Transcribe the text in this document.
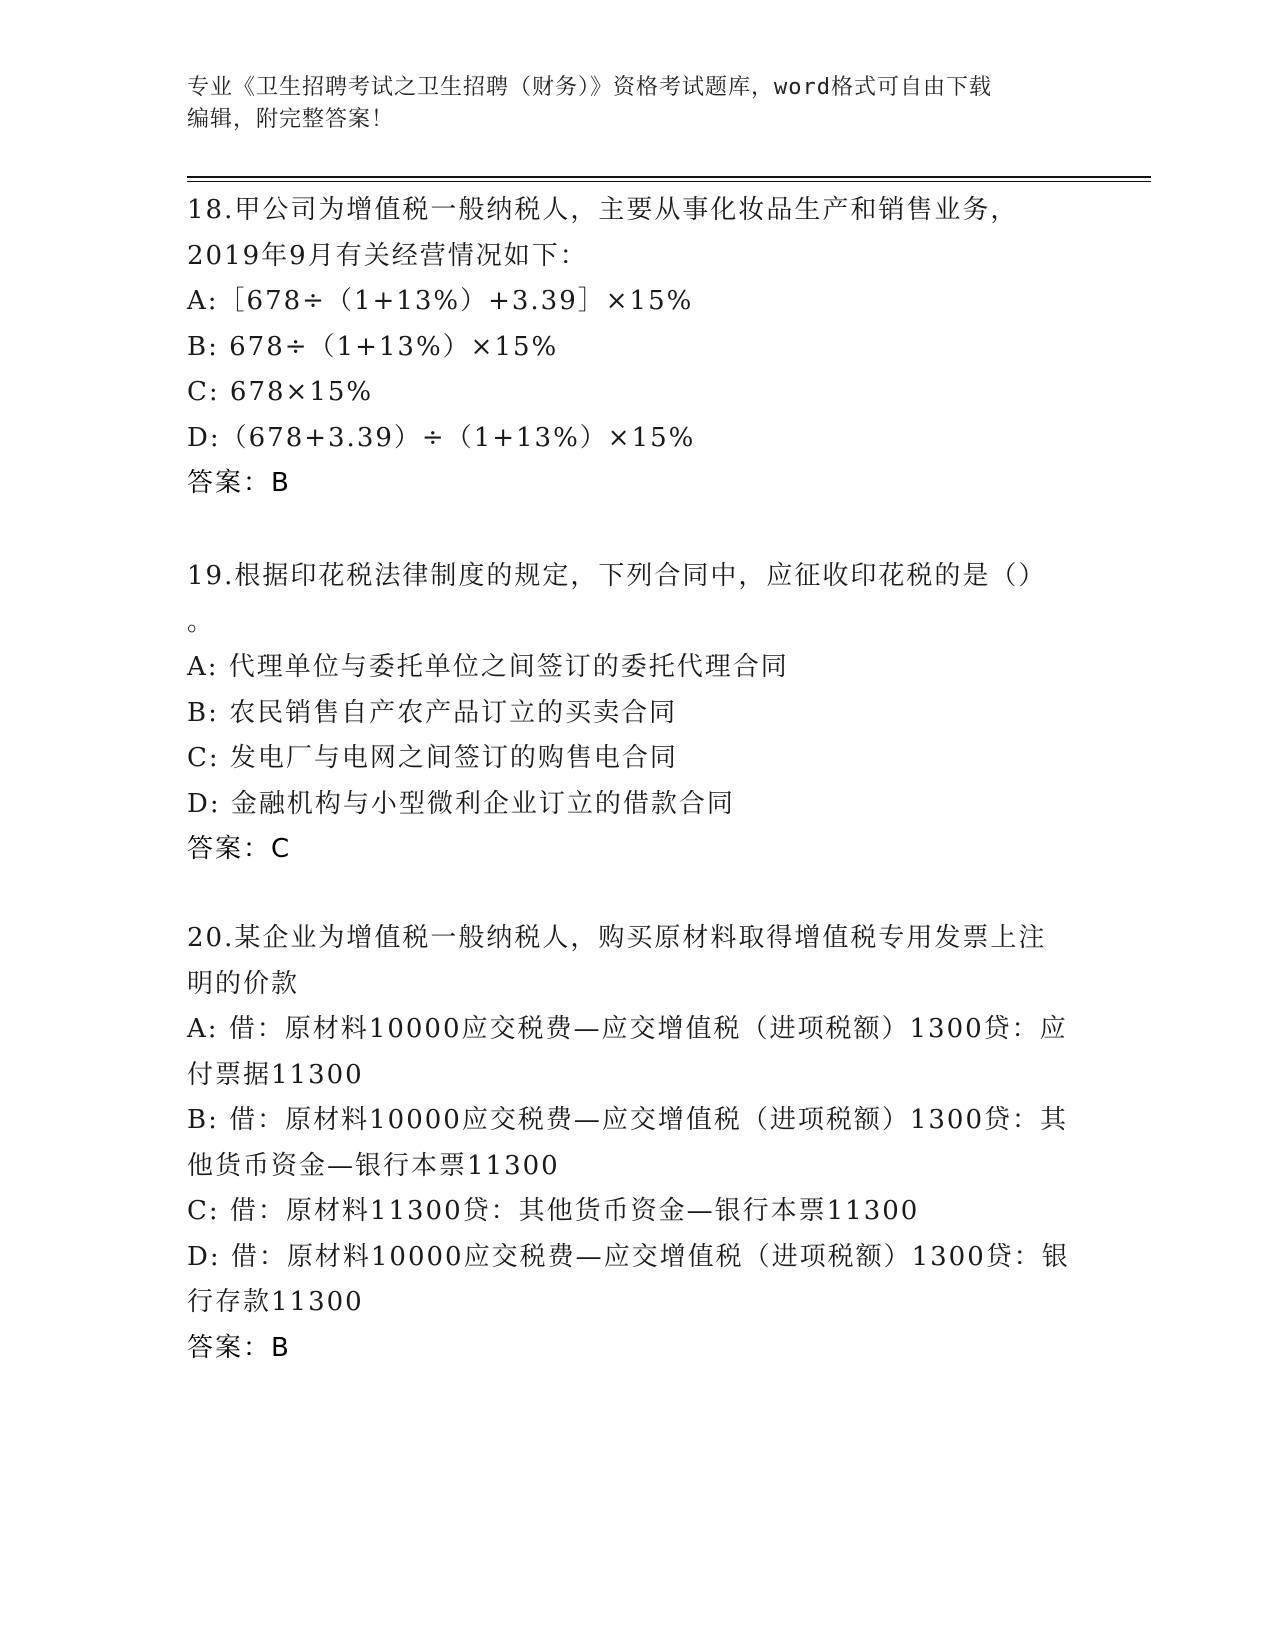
专业《卫生招聘考试之卫生招聘（财务）》资格考试题库，word格式可自由下载
编辑，附完整答案！
18.甲公司为增值税一般纳税人，主要从事化妆品生产和销售业务，
2019年9月有关经营情况如下：
A:［678÷（1+13%）+3.39］×15%
B: 678÷（1+13%）×15%
C: 678×15%
D:（678+3.39）÷（1+13%）×15%
答案：B
19.根据印花税法律制度的规定，下列合同中，应征收印花税的是（）
。
A: 代理单位与委托单位之间签订的委托代理合同
B: 农民销售自产农产品订立的买卖合同
C: 发电厂与电网之间签订的购售电合同
D: 金融机构与小型微利企业订立的借款合同
答案：C
20.某企业为增值税一般纳税人，购买原材料取得增值税专用发票上注
明的价款
A: 借：原材料10000应交税费—应交增值税（进项税额）1300贷：应
付票据11300
B: 借：原材料10000应交税费—应交增值税（进项税额）1300贷：其
他货币资金—银行本票11300
C: 借：原材料11300贷：其他货币资金—银行本票11300
D: 借：原材料10000应交税费—应交增值税（进项税额）1300贷：银
行存款11300
答案：B
